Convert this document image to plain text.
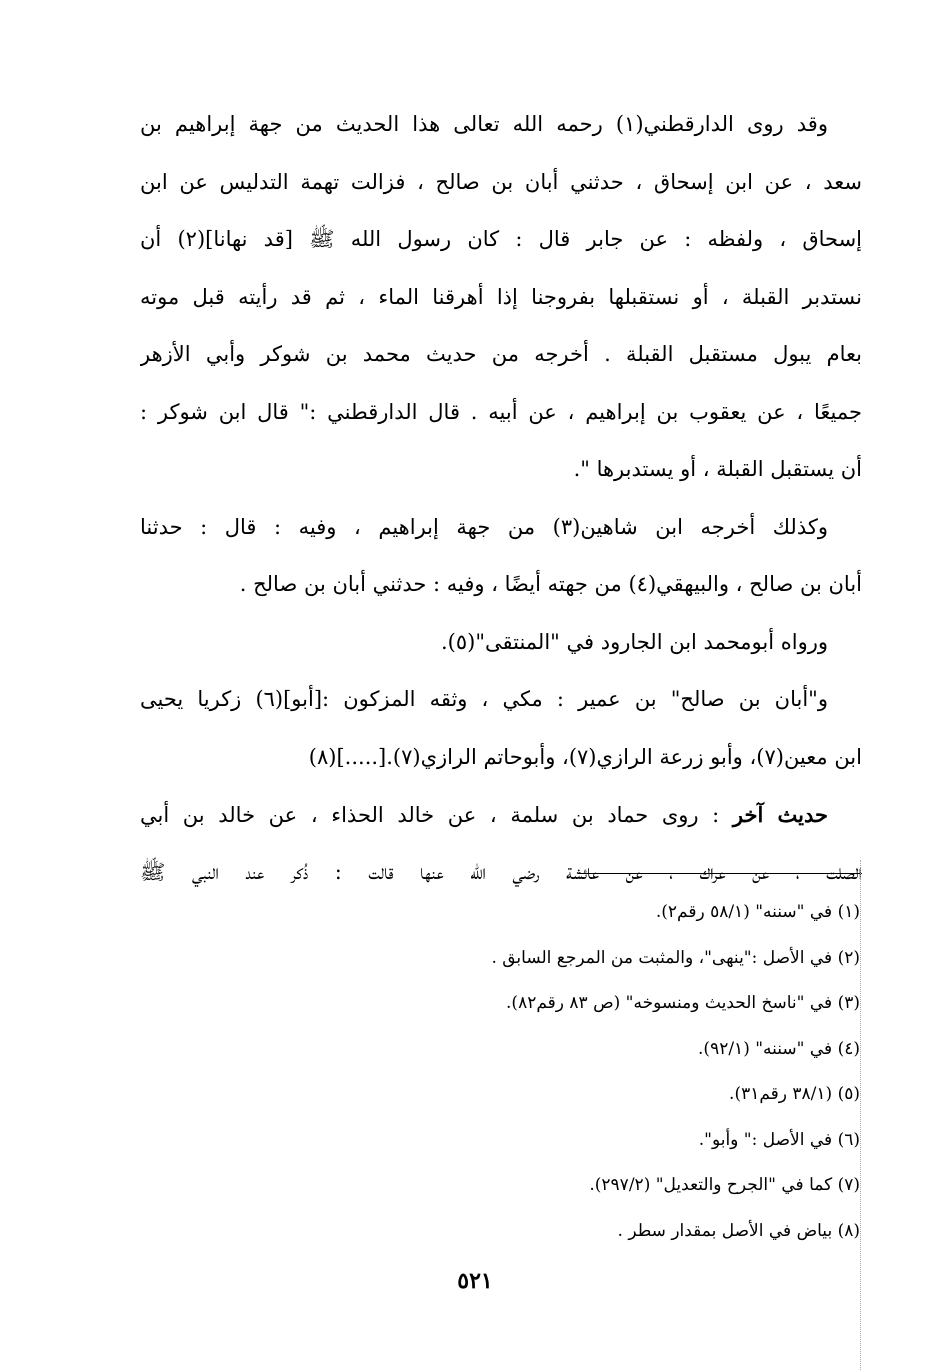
وقد روى الدارقطني(١) رحمه الله تعالى هذا الحديث من جهة إبراهيم بن
سعد ، عن ابن إسحاق ، حدثني أبان بن صالح ، فزالت تهمة التدليس عن ابن
إسحاق ، ولفظه : عن جابر قال : كان رسول الله ﷺ [قد نهانا](٢) أن
نستدبر القبلة ، أو نستقبلها بفروجنا إذا أهرقنا الماء ، ثم قد رأيته قبل موته
بعام يبول مستقبل القبلة . أخرجه من حديث محمد بن شوكر وأبي الأزهر
جميعًا ، عن يعقوب بن إبراهيم ، عن أبيه . قال الدارقطني :" قال ابن شوكر :
أن يستقبل القبلة ، أو يستدبرها ".
وكذلك أخرجه ابن شاهين(٣) من جهة إبراهيم ، وفيه : قال : حدثنا
أبان بن صالح ، والبيهقي(٤) من جهته أيضًا ، وفيه : حدثني أبان بن صالح .
ورواه أبومحمد ابن الجارود في "المنتقى"(٥).
و"أبان بن صالح" بن عمير : مكي ، وثقه المزكون :[أبو](٦) زكريا يحيى
ابن معين(٧)، وأبو زرعة الرازي(٧)، وأبوحاتم الرازي(٧).[.....](٨)
حديث آخر : روى حماد بن سلمة ، عن خالد الحذاء ، عن خالد بن أبي
الصلت ، عن عراك ، عن عائشة رضي الله عنها قالت : ذُكر عند النبي ﷺ
(١) في "سننه" (٥٨/١ رقم٢).
(٢) في الأصل :"ينهى"، والمثبت من المرجع السابق .
(٣) في "ناسخ الحديث ومنسوخه" (ص ٨٣ رقم٨٢).
(٤) في "سننه" (٩٢/١).
(٥) (٣٨/١ رقم٣١).
(٦) في الأصل :" وأبو".
(٧) كما في "الجرح والتعديل" (٢٩٧/٢).
(٨) بياض في الأصل بمقدار سطر .
٥٢١
